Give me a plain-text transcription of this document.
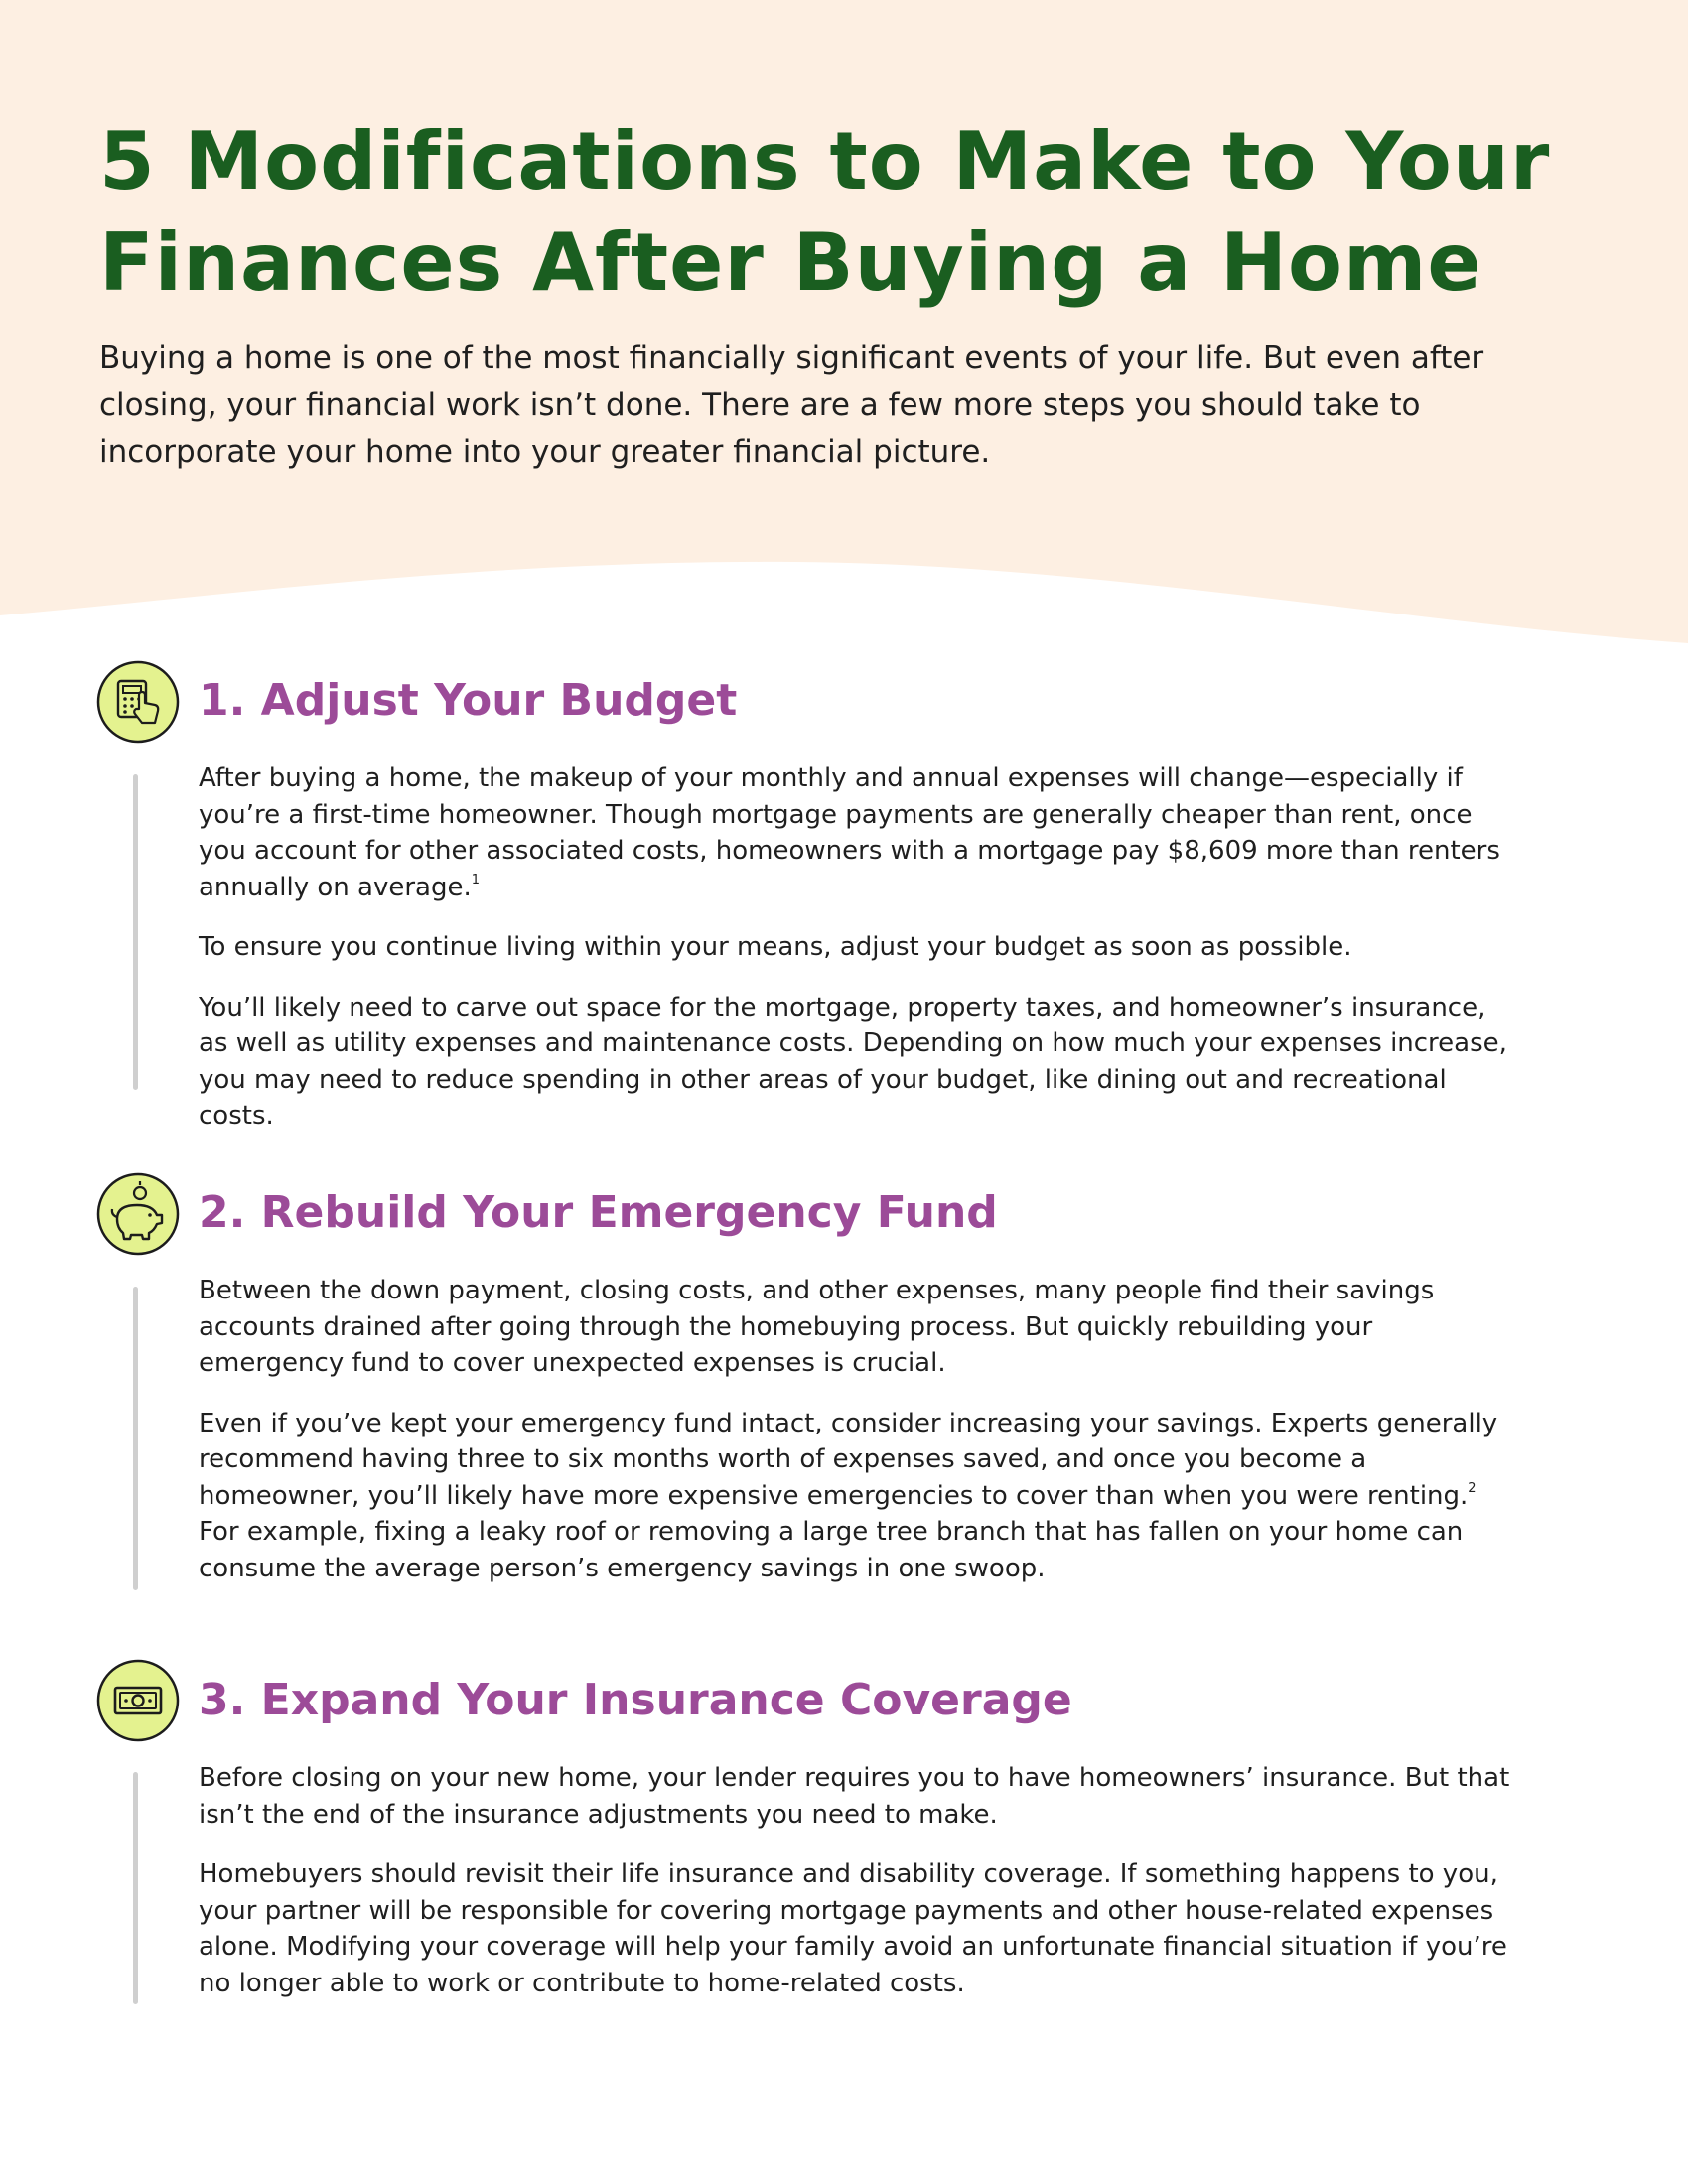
5 Modifications to Make to Your
Finances After Buying a Home

Buying a home is one of the most financially significant events of your life. But even after closing, your financial work isn’t done. There are a few more steps you should take to incorporate your home into your greater financial picture.

1. Adjust Your Budget

After buying a home, the makeup of your monthly and annual expenses will change—especially if you’re a first-time homeowner. Though mortgage payments are generally cheaper than rent, once you account for other associated costs, homeowners with a mortgage pay $8,609 more than renters annually on average.$^1$

To ensure you continue living within your means, adjust your budget as soon as possible.

You’ll likely need to carve out space for the mortgage, property taxes, and homeowner’s insurance, as well as utility expenses and maintenance costs. Depending on how much your expenses increase, you may need to reduce spending in other areas of your budget, like dining out and recreational costs.

2. Rebuild Your Emergency Fund

Between the down payment, closing costs, and other expenses, many people find their savings accounts drained after going through the homebuying process. But quickly rebuilding your emergency fund to cover unexpected expenses is crucial.

Even if you’ve kept your emergency fund intact, consider increasing your savings. Experts generally recommend having three to six months worth of expenses saved, and once you become a homeowner, you’ll likely have more expensive emergencies to cover than when you were renting.$^2$ For example, fixing a leaky roof or removing a large tree branch that has fallen on your home can consume the average person’s emergency savings in one swoop.

3. Expand Your Insurance Coverage

Before closing on your new home, your lender requires you to have homeowners’ insurance. But that isn’t the end of the insurance adjustments you need to make.

Homebuyers should revisit their life insurance and disability coverage. If something happens to you, your partner will be responsible for covering mortgage payments and other house-related expenses alone. Modifying your coverage will help your family avoid an unfortunate financial situation if you’re no longer able to work or contribute to home-related costs.
